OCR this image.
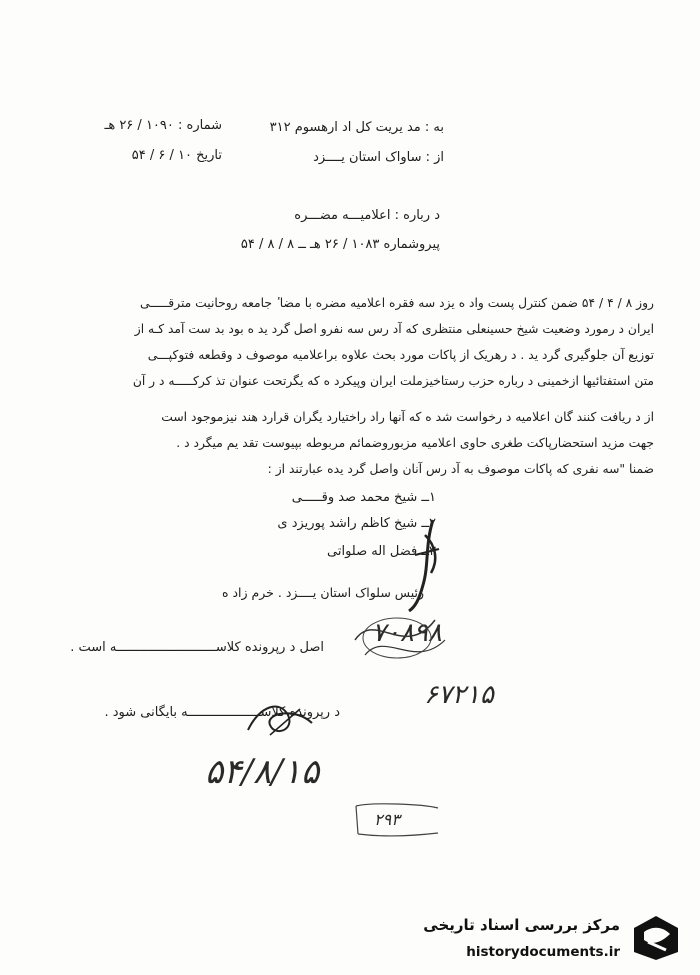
به : مد یریت کل اد ارهسوم ۳۱۲
از : ساواک استان یــــزد
شماره : ۱۰۹۰ / ۲۶ هـ
تاریخ ۱۰ / ۶ / ۵۴
د رباره : اعلامیـــه مضـــره
پیروشماره ۱۰۸۳ / ۲۶ هـ ــ ۸ / ۸ / ۵۴
روز ۸ / ۴ / ۵۴ ضمن کنترل پست واد ه یزد سه فقره اعلامیه مضره با مضا ٔ جامعه روحانیت مترقـــــی
ایران د رمورد وضعیت شیخ حسینعلی منتظری که آد رس سه نفرو اصل گرد ید ه بود بد ست آمد کـه از
توزیع آن جلوگیری گرد ید . د رهریک از پاکات مورد بحث علاوه براعلامیه موصوف د وقطعه فتوکپـــی
متن استفتائیها ازخمینی د رباره حزب رستاخیزملت ایران وپیکرد ه که یگرتحت عنوان تذ کرکـــــه د ر آن
از د ریافت کنند گان اعلامیه د رخواست شد ه که آنها راد راختیارد یگران قرارد هند نیزموجود است
جهت مزید استحضارپاکت طغری حاوی اعلامیه مزبوروضمائم مربوطه بپیوست تقد یم میگرد د .
ضمنا "سه نفری که پاکات موصوف به آد رس آنان واصل گرد یده عبارتند از :
۱ــ شیخ محمد صد وقـــــی
۲ــ شیخ کاظم راشد پوریزد ی
۳ــ فضل اله صلواتی
رئیس سلواک استان یــــزد . خرم زاد ه
اصل د رپرونده کلاســــــــــــــــــــــــــه است . ۷۰۸۹۸
د رپرونده کلاســـــــــــــــــــه بایگانی شود .
۶۷۲۱۵
۵۴/۸/۱۵
۲۹۳
مرکز بررسی اسناد تاریخی
historydocuments.ir
